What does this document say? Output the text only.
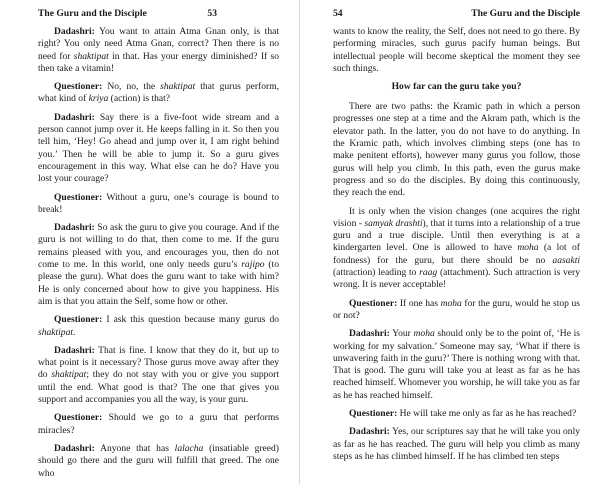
The Guru and the Disciple	53

Dadashri: You want to attain Atma Gnan only, is that right? You only need Atma Gnan, correct? Then there is no need for shaktipat in that. Has your energy diminished? If so then take a vitamin!

Questioner: No, no, the shaktipat that gurus perform, what kind of kriya (action) is that?

Dadashri: Say there is a five-foot wide stream and a person cannot jump over it. He keeps falling in it. So then you tell him, ‘Hey! Go ahead and jump over it, I am right behind you.’ Then he will be able to jump it. So a guru gives encouragement in this way. What else can he do? Have you lost your courage?

Questioner: Without a guru, one’s courage is bound to break!

Dadashri: So ask the guru to give you courage. And if the guru is not willing to do that, then come to me. If the guru remains pleased with you, and encourages you, then do not come to me. In this world, one only needs guru’s rajipo (to please the guru). What does the guru want to take with him? He is only concerned about how to give you happiness. His aim is that you attain the Self, some how or other.

Questioner: I ask this question because many gurus do shaktipat.

Dadashri: That is fine. I know that they do it, but up to what point is it necessary? Those gurus move away after they do shaktipat; they do not stay with you or give you support until the end. What good is that? The one that gives you support and accompanies you all the way, is your guru.

Questioner: Should we go to a guru that performs miracles?

Dadashri: Anyone that has lalacha (insatiable greed) should go there and the guru will fulfill that greed. The one who

54	The Guru and the Disciple

wants to know the reality, the Self, does not need to go there. By performing miracles, such gurus pacify human beings. But intellectual people will become skeptical the moment they see such things.

How far can the guru take you?

There are two paths: the Kramic path in which a person progresses one step at a time and the Akram path, which is the elevator path. In the latter, you do not have to do anything. In the Kramic path, which involves climbing steps (one has to make penitent efforts), however many gurus you follow, those gurus will help you climb. In this path, even the gurus make progress and so do the disciples. By doing this continuously, they reach the end.

It is only when the vision changes (one acquires the right vision - samyak drashti), that it turns into a relationship of a true guru and a true disciple. Until then everything is at a kindergarten level. One is allowed to have moha (a lot of fondness) for the guru, but there should be no aasakti (attraction) leading to raag (attachment). Such attraction is very wrong. It is never acceptable!

Questioner: If one has moha for the guru, would he stop us or not?

Dadashri: Your moha should only be to the point of, ‘He is working for my salvation.’ Someone may say, ‘What if there is unwavering faith in the guru?’ There is nothing wrong with that. That is good. The guru will take you at least as far as he has reached himself. Whomever you worship, he will take you as far as he has reached himself.

Questioner: He will take me only as far as he has reached?

Dadashri: Yes, our scriptures say that he will take you only as far as he has reached. The guru will help you climb as many steps as he has climbed himself. If he has climbed ten steps
